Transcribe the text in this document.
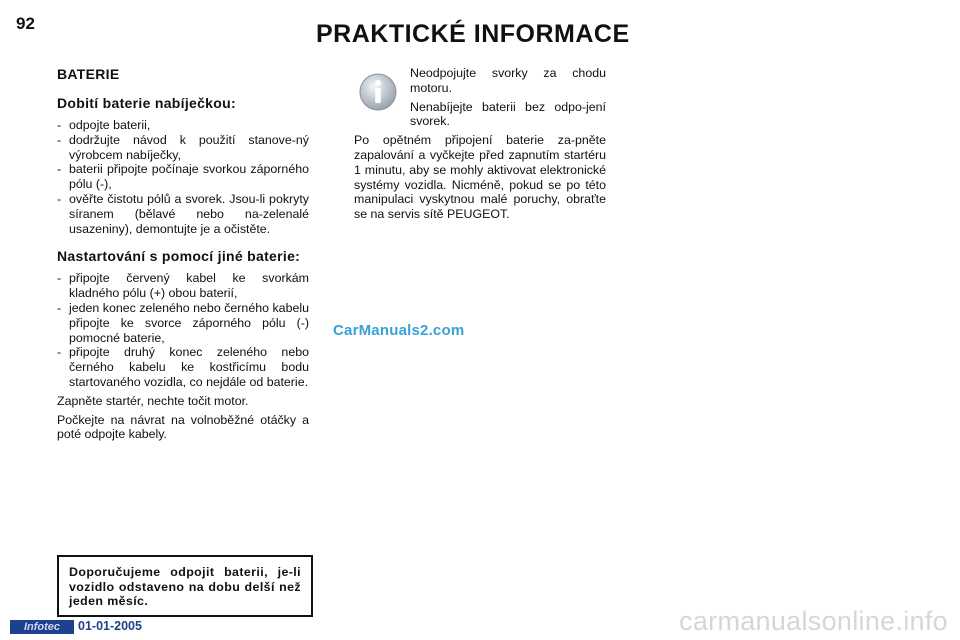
92	PRAKTICKÉ INFORMACE
BATERIE
Dobití baterie nabíječkou:
- odpojte baterii,
- dodržujte návod k použití stanove-ný výrobcem nabíječky,
- baterii připojte počínaje svorkou záporného pólu (-),
- ověřte čistotu pólů a svorek. Jsou-li pokryty síranem (bělavé nebo na-zelenalé usazeniny), demontujte je a očistěte.
Nastartování s pomocí jiné baterie:
- připojte červený kabel ke svorkám kladného pólu (+) obou baterií,
- jeden konec zeleného nebo černého kabelu připojte ke svorce záporného pólu (-) pomocné baterie,
- připojte druhý konec zeleného nebo černého kabelu ke kostřicímu bodu startovaného vozidla, co nejdále od baterie.

Zapněte startér, nechte točit motor.

Počkejte na návrat na volnoběžné otáčky a poté odpojte kabely.

Neodpojujte svorky za chodu motoru.

Nenabíjejte baterii bez odpo-jení svorek.

Po opětném připojení baterie za-pněte zapalování a vyčkejte před zapnutím startéru 1 minutu, aby se mohly aktivovat elektronické systémy vozidla. Nicméně, pokud se po této manipulaci vyskytnou malé poruchy, obraťte se na servis sítě PEUGEOT.

CarManuals2.com
Doporučujeme odpojit baterii, je-li vozidlo odstaveno na dobu delší než jeden měsíc.
Infotec	01-01-2005	carmanualsonline.info
